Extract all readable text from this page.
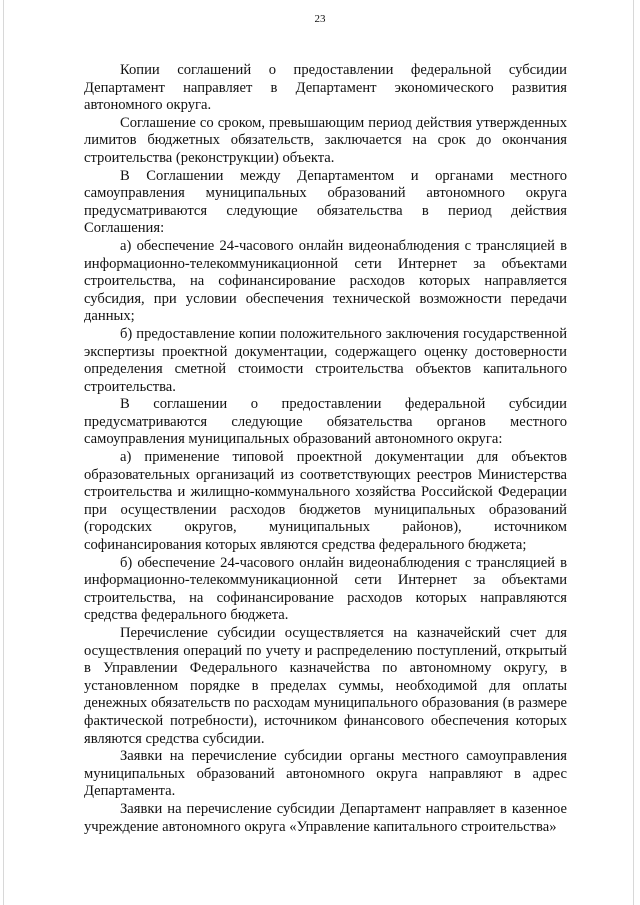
23

Копии соглашений о предоставлении федеральной субсидии Департамент направляет в Департамент экономического развития автономного округа.

Соглашение со сроком, превышающим период действия утвержденных лимитов бюджетных обязательств, заключается на срок до окончания строительства (реконструкции) объекта.

В Соглашении между Департаментом и органами местного самоуправления муниципальных образований автономного округа предусматриваются следующие обязательства в период действия Соглашения:

а) обеспечение 24-часового онлайн видеонаблюдения с трансляцией в информационно-телекоммуникационной сети Интернет за объектами строительства, на софинансирование расходов которых направляется субсидия, при условии обеспечения технической возможности передачи данных;

б) предоставление копии положительного заключения государственной экспертизы проектной документации, содержащего оценку достоверности определения сметной стоимости строительства объектов капитального строительства.

В соглашении о предоставлении федеральной субсидии предусматриваются следующие обязательства органов местного самоуправления муниципальных образований автономного округа:

а) применение типовой проектной документации для объектов образовательных организаций из соответствующих реестров Министерства строительства и жилищно-коммунального хозяйства Российской Федерации при осуществлении расходов бюджетов муниципальных образований (городских округов, муниципальных районов), источником софинансирования которых являются средства федерального бюджета;

б) обеспечение 24-часового онлайн видеонаблюдения с трансляцией в информационно-телекоммуникационной сети Интернет за объектами строительства, на софинансирование расходов которых направляются средства федерального бюджета.

Перечисление субсидии осуществляется на казначейский счет для осуществления операций по учету и распределению поступлений, открытый в Управлении Федерального казначейства по автономному округу, в установленном порядке в пределах суммы, необходимой для оплаты денежных обязательств по расходам муниципального образования (в размере фактической потребности), источником финансового обеспечения которых являются средства субсидии.

Заявки на перечисление субсидии органы местного самоуправления муниципальных образований автономного округа направляют в адрес Департамента.

Заявки на перечисление субсидии Департамент направляет в казенное учреждение автономного округа «Управление капитального строительства»
